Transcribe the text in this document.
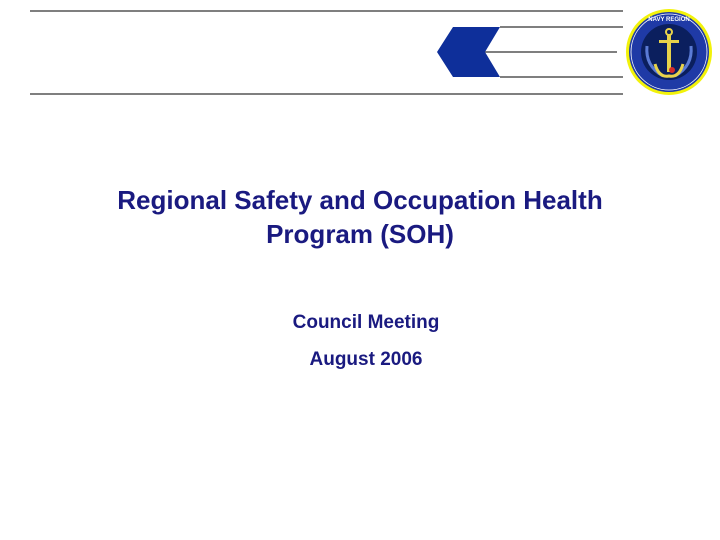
NAVY REGION
Regional Safety and Occupation Health
Program (SOH)
Council Meeting
August 2006
